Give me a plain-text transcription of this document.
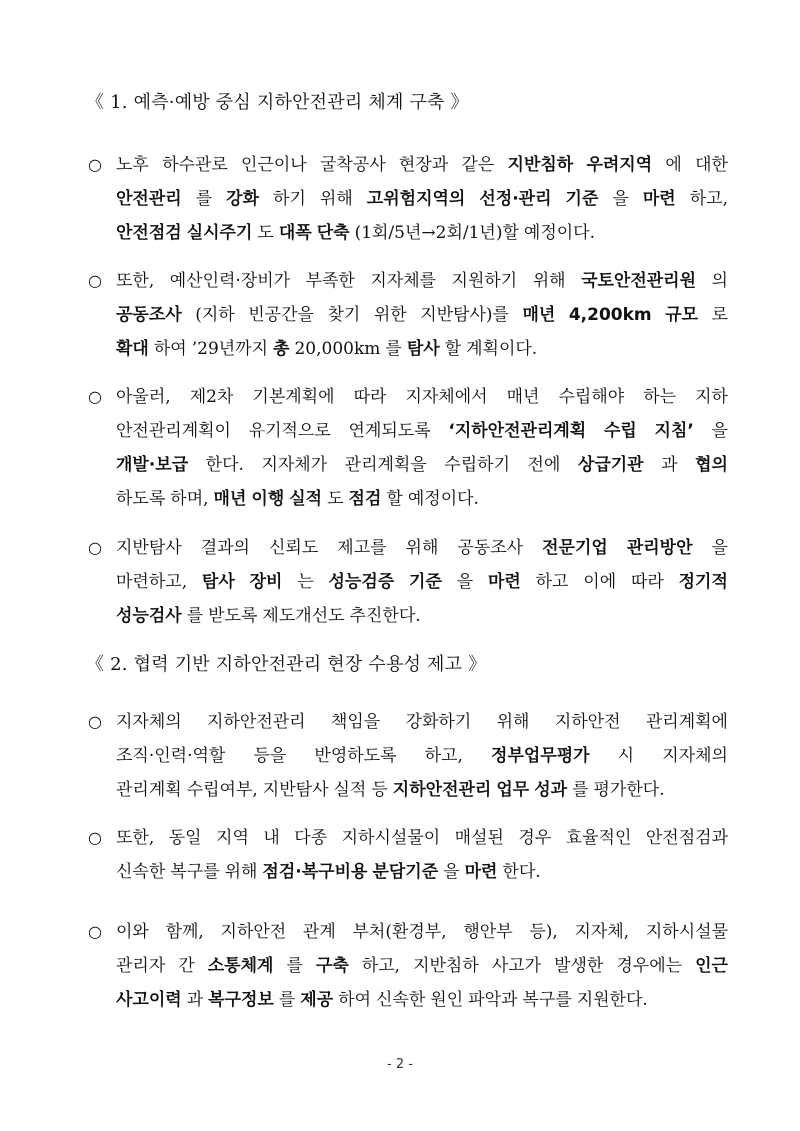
《 1. 예측·예방 중심 지하안전관리 체계 구축 》
○ 노후 하수관로 인근이나 굴착공사 현장과 같은 지반침하 우려지역 에 대한
안전관리 를 강화 하기 위해 고위험지역의 선정·관리 기준 을 마련 하고,
안전점검 실시주기 도 대폭 단축 (1회/5년→2회/1년)할 예정이다.
○ 또한, 예산인력·장비가 부족한 지자체를 지원하기 위해 국토안전관리원 의
공동조사 (지하 빈공간을 찾기 위한 지반탐사)를 매년 4,200km 규모 로
확대 하여 ’29년까지 총 20,000km 를 탐사 할 계획이다.
○ 아울러, 제2차 기본계획에 따라 지자체에서 매년 수립해야 하는 지하
안전관리계획이 유기적으로 연계되도록 ‘지하안전관리계획 수립 지침’ 을
개발·보급 한다. 지자체가 관리계획을 수립하기 전에 상급기관 과 협의
하도록 하며, 매년 이행 실적 도 점검 할 예정이다.
○ 지반탐사 결과의 신뢰도 제고를 위해 공동조사 전문기업 관리방안 을
마련하고, 탐사 장비 는 성능검증 기준 을 마련 하고 이에 따라 정기적
성능검사 를 받도록 제도개선도 추진한다.
《 2. 협력 기반 지하안전관리 현장 수용성 제고 》
○ 지자체의 지하안전관리 책임을 강화하기 위해 지하안전 관리계획에
조직·인력·역할 등을 반영하도록 하고, 정부업무평가 시 지자체의
관리계획 수립여부, 지반탐사 실적 등 지하안전관리 업무 성과 를 평가한다.
○ 또한, 동일 지역 내 다종 지하시설물이 매설된 경우 효율적인 안전점검과
신속한 복구를 위해 점검·복구비용 분담기준 을 마련 한다.
○ 이와 함께, 지하안전 관계 부처(환경부, 행안부 등), 지자체, 지하시설물
관리자 간 소통체계 를 구축 하고, 지반침하 사고가 발생한 경우에는 인근
사고이력 과 복구정보 를 제공 하여 신속한 원인 파악과 복구를 지원한다.
- 2 -
